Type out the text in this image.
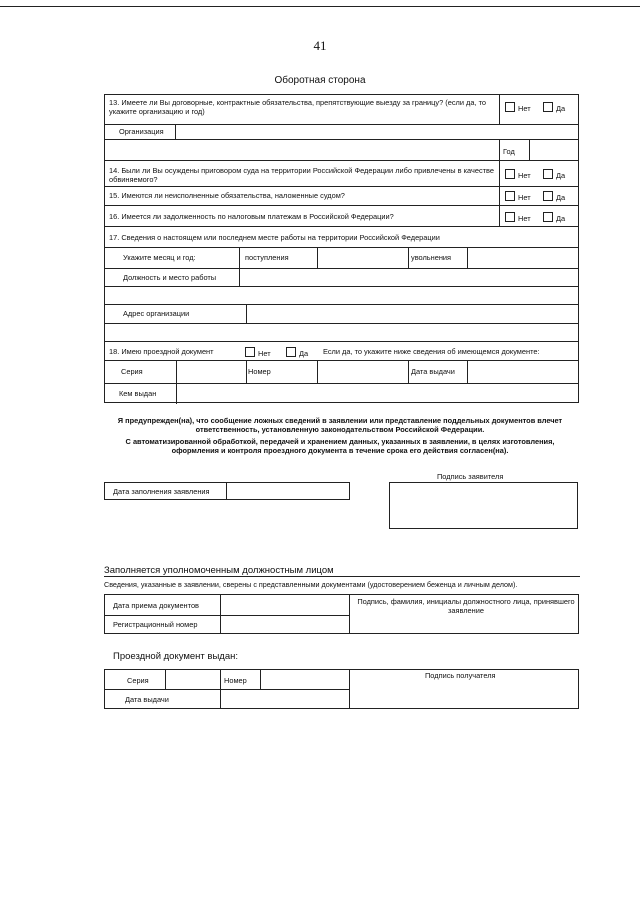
41
Оборотная сторона
13. Имеете ли Вы договорные, контрактные обязательства, препятствующие выезду за границу? (если да, то укажите организацию и год)	Нет	Да
Организация
Год
14. Были ли Вы осуждены приговором суда на территории Российской Федерации либо привлечены в качестве обвиняемого?	Нет	Да
15. Имеются ли неисполненные обязательства, наложенные судом?	Нет	Да
16. Имеется ли задолженность по налоговым платежам в Российской Федерации?	Нет	Да
17. Сведения о настоящем или последнем месте работы на территории Российской Федерации
Укажите месяц и год:	поступления	увольнения
Должность и место работы
Адрес организации
18. Имею проездной документ	Нет	Да Если да, то укажите ниже сведения об имеющемся документе:
Серия	Номер	Дата выдачи
Кем выдан
Я предупрежден(на), что сообщение ложных сведений в заявлении или представление поддельных документов влечет ответственность, установленную законодательством Российской Федерации.
С автоматизированной обработкой, передачей и хранением данных, указанных в заявлении, в целях изготовления, оформления и контроля проездного документа в течение срока его действия согласен(на).
Подпись заявителя
Дата заполнения заявления
Заполняется уполномоченным должностным лицом
Сведения, указанные в заявлении, сверены с представленными документами (удостоверением беженца и личным делом).
Дата приема документов
Регистрационный номер
Подпись, фамилия, инициалы должностного лица, принявшего заявление
Проездной документ выдан:
Серия	Номер
Дата выдачи
Подпись получателя
